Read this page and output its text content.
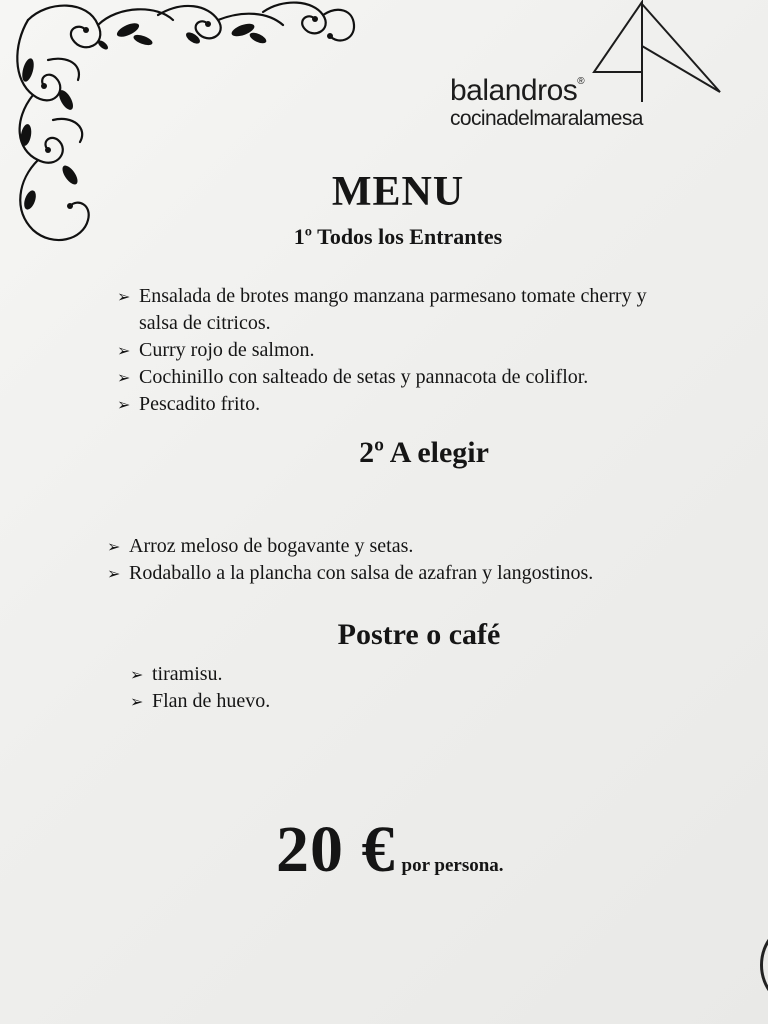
balandros®
cocinadelmaralamesa
MENU
1º Todos los Entrantes
➢ Ensalada de brotes mango manzana parmesano tomate cherry y salsa de citricos.
➢ Curry rojo de salmon.
➢ Cochinillo con salteado de setas y pannacota de coliflor.
➢ Pescadito frito.
2º A elegir
➢ Arroz meloso de bogavante y setas.
➢ Rodaballo a la plancha con salsa de azafran y langostinos.
Postre o café
➢ tiramisu.
➢ Flan de huevo.
20 € por persona.
